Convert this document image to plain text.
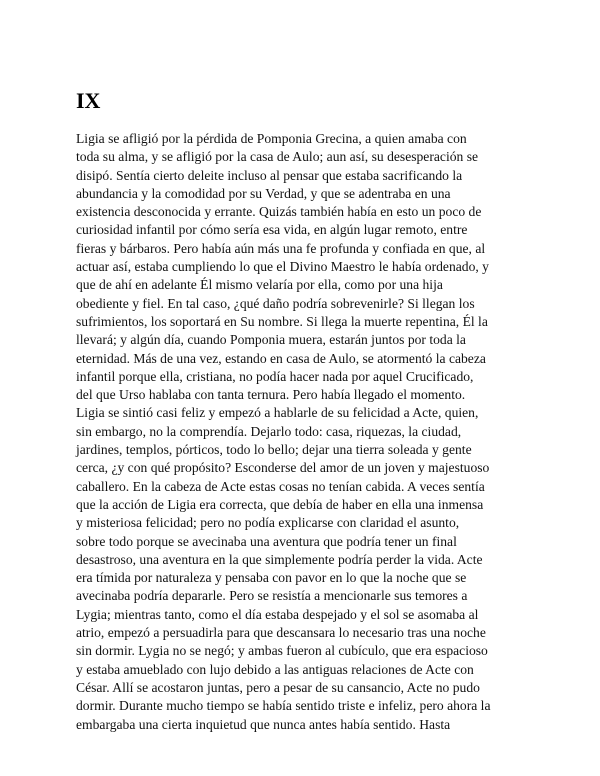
IX
Ligia se afligió por la pérdida de Pomponia Grecina, a quien amaba con
toda su alma, y se afligió por la casa de Aulo; aun así, su desesperación se
disipó. Sentía cierto deleite incluso al pensar que estaba sacrificando la
abundancia y la comodidad por su Verdad, y que se adentraba en una
existencia desconocida y errante. Quizás también había en esto un poco de
curiosidad infantil por cómo sería esa vida, en algún lugar remoto, entre
fieras y bárbaros. Pero había aún más una fe profunda y confiada en que, al
actuar así, estaba cumpliendo lo que el Divino Maestro le había ordenado, y
que de ahí en adelante Él mismo velaría por ella, como por una hija
obediente y fiel. En tal caso, ¿qué daño podría sobrevenirle? Si llegan los
sufrimientos, los soportará en Su nombre. Si llega la muerte repentina, Él la
llevará; y algún día, cuando Pomponia muera, estarán juntos por toda la
eternidad. Más de una vez, estando en casa de Aulo, se atormentó la cabeza
infantil porque ella, cristiana, no podía hacer nada por aquel Crucificado,
del que Urso hablaba con tanta ternura. Pero había llegado el momento.
Ligia se sintió casi feliz y empezó a hablarle de su felicidad a Acte, quien,
sin embargo, no la comprendía. Dejarlo todo: casa, riquezas, la ciudad,
jardines, templos, pórticos, todo lo bello; dejar una tierra soleada y gente
cerca, ¿y con qué propósito? Esconderse del amor de un joven y majestuoso
caballero. En la cabeza de Acte estas cosas no tenían cabida. A veces sentía
que la acción de Ligia era correcta, que debía de haber en ella una inmensa
y misteriosa felicidad; pero no podía explicarse con claridad el asunto,
sobre todo porque se avecinaba una aventura que podría tener un final
desastroso, una aventura en la que simplemente podría perder la vida. Acte
era tímida por naturaleza y pensaba con pavor en lo que la noche que se
avecinaba podría depararle. Pero se resistía a mencionarle sus temores a
Lygia; mientras tanto, como el día estaba despejado y el sol se asomaba al
atrio, empezó a persuadirla para que descansara lo necesario tras una noche
sin dormir. Lygia no se negó; y ambas fueron al cubículo, que era espacioso
y estaba amueblado con lujo debido a las antiguas relaciones de Acte con
César. Allí se acostaron juntas, pero a pesar de su cansancio, Acte no pudo
dormir. Durante mucho tiempo se había sentido triste e infeliz, pero ahora la
embargaba una cierta inquietud que nunca antes había sentido. Hasta
